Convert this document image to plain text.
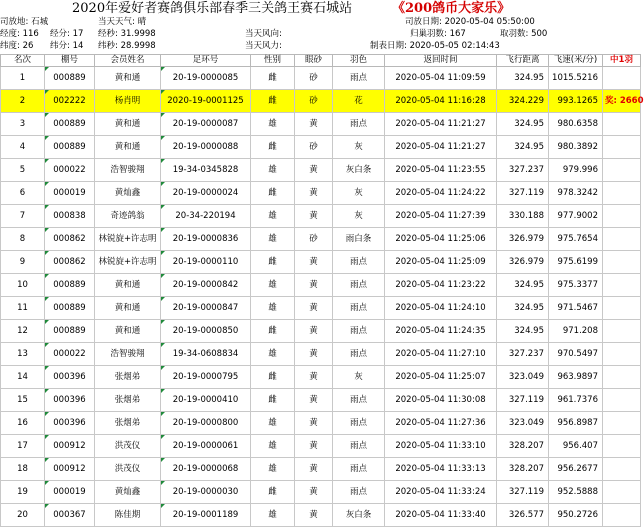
2020年爱好者赛鸽俱乐部春季三关鸽王赛石城站	《200鸽币大家乐》
司放地: 石城	当天天气: 晴	司放日期: 2020-05-04 05:50:00
经度: 116 经分: 17 经秒: 31.9998	当天风向:	归巢羽数: 167	取羽数: 500
纬度: 26 纬分: 14 纬秒: 28.9998	当天风力:	制表日期: 2020-05-05 02:14:43
名次	棚号	会员姓名	足环号	性别	眼砂	羽色	返回时间	飞行距离	飞速(米/分)	中1羽
1	000889	黄和通	20-19-0000085	雌	砂	雨点	2020-05-04 11:09:59	324.95	1015.5216	
2	002222	杨肖明	2020-19-0001125	雌	砂	花	2020-05-04 11:16:28	324.229	993.1265	奖: 2660
3	000889	黄和通	20-19-0000087	雄	黄	雨点	2020-05-04 11:21:27	324.95	980.6358	
4	000889	黄和通	20-19-0000088	雌	砂	灰	2020-05-04 11:21:27	324.95	980.3892	
5	000022	浩智骏翔	19-34-0345828	雄	黄	灰白条	2020-05-04 11:23:55	327.237	979.996	
6	000019	黄灿鑫	20-19-0000024	雌	黄	灰	2020-05-04 11:24:22	327.119	978.3242	
7	000838	奇迹鸽翁	20-34-220194	雄	黄	灰	2020-05-04 11:27:39	330.188	977.9002	
8	000862	林锐旋+许志明	20-19-0000836	雄	砂	雨白条	2020-05-04 11:25:06	326.979	975.7654	
9	000862	林锐旋+许志明	20-19-0000110	雌	黄	雨点	2020-05-04 11:25:09	326.979	975.6199	
10	000889	黄和通	20-19-0000842	雄	黄	雨点	2020-05-04 11:23:22	324.95	975.3377	
11	000889	黄和通	20-19-0000847	雄	黄	雨点	2020-05-04 11:24:10	324.95	971.5467	
12	000889	黄和通	20-19-0000850	雌	黄	雨点	2020-05-04 11:24:35	324.95	971.208	
13	000022	浩智骏翔	19-34-0608834	雄	黄	雨点	2020-05-04 11:27:10	327.237	970.5497	
14	000396	张烟弟	20-19-0000795	雌	黄	灰	2020-05-04 11:25:07	323.049	963.9897	
15	000396	张烟弟	20-19-0000410	雌	黄	雨点	2020-05-04 11:30:08	327.119	961.7376	
16	000396	张烟弟	20-19-0000800	雄	黄	雨点	2020-05-04 11:27:36	323.049	956.8987	
17	000912	洪茂仪	20-19-0000061	雄	黄	雨点	2020-05-04 11:33:10	328.207	956.407	
18	000912	洪茂仪	20-19-0000068	雄	黄	雨点	2020-05-04 11:33:13	328.207	956.2677	
19	000019	黄灿鑫	20-19-0000030	雌	黄	雨点	2020-05-04 11:33:24	327.119	952.5888	
20	000367	陈佳期	20-19-0001189	雄	黄	灰白条	2020-05-04 11:33:40	326.577	950.2726	
